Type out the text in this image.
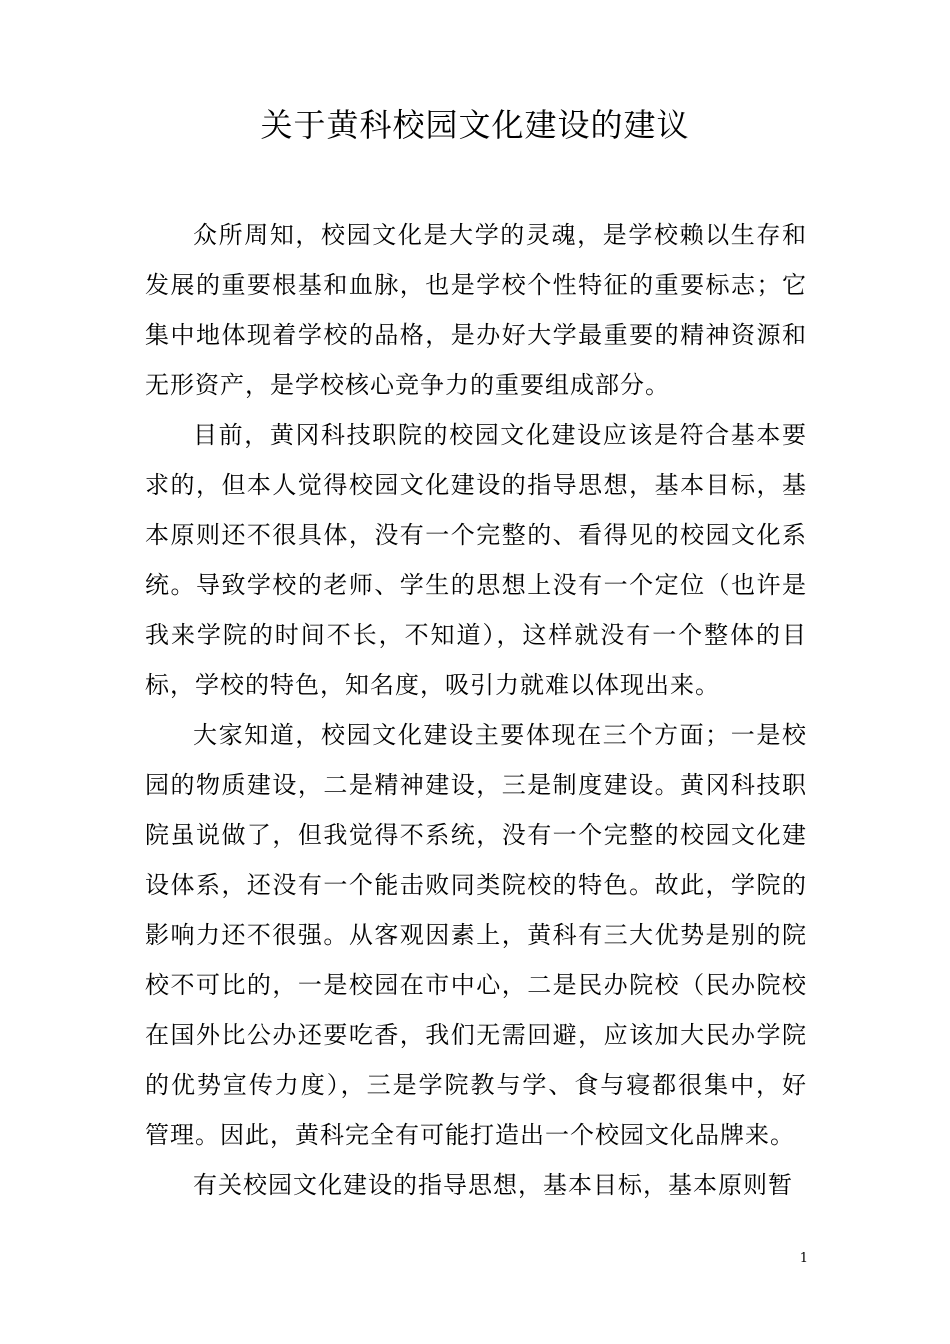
关于黄科校园文化建设的建议

众所周知，校园文化是大学的灵魂，是学校赖以生存和发展的重要根基和血脉，也是学校个性特征的重要标志；它集中地体现着学校的品格，是办好大学最重要的精神资源和无形资产，是学校核心竞争力的重要组成部分。

目前，黄冈科技职院的校园文化建设应该是符合基本要求的，但本人觉得校园文化建设的指导思想，基本目标，基本原则还不很具体，没有一个完整的、看得见的校园文化系统。导致学校的老师、学生的思想上没有一个定位（也许是我来学院的时间不长，不知道），这样就没有一个整体的目标，学校的特色，知名度，吸引力就难以体现出来。

大家知道，校园文化建设主要体现在三个方面；一是校园的物质建设，二是精神建设，三是制度建设。黄冈科技职院虽说做了，但我觉得不系统，没有一个完整的校园文化建设体系，还没有一个能击败同类院校的特色。故此，学院的影响力还不很强。从客观因素上，黄科有三大优势是别的院校不可比的，一是校园在市中心，二是民办院校（民办院校在国外比公办还要吃香，我们无需回避，应该加大民办学院的优势宣传力度），三是学院教与学、食与寝都很集中，好管理。因此，黄科完全有可能打造出一个校园文化品牌来。

有关校园文化建设的指导思想，基本目标，基本原则暂

1
